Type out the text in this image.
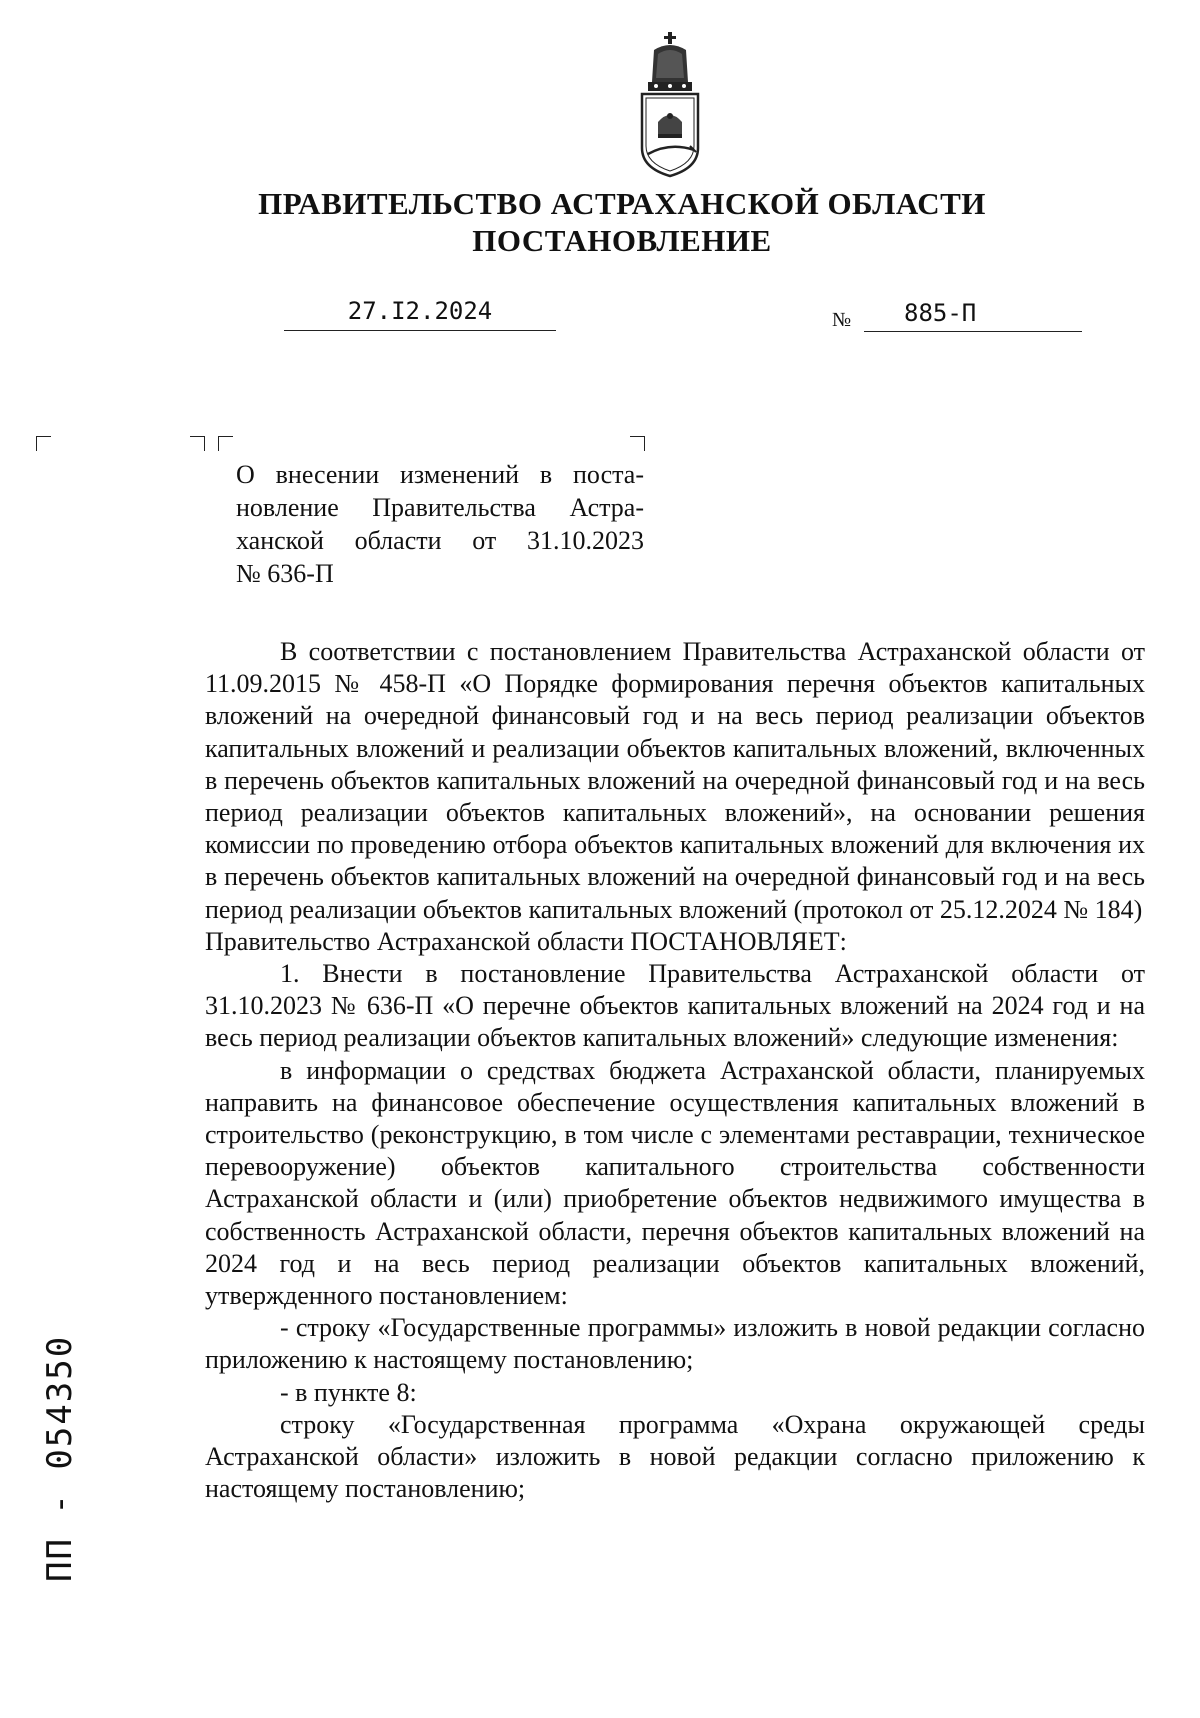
ПРАВИТЕЛЬСТВО АСТРАХАНСКОЙ ОБЛАСТИ
ПОСТАНОВЛЕНИЕ
27.I2.2024	№	885-П
О внесении изменений в поста-
новление Правительства Астра-
ханской области от 31.10.2023
№ 636-П

В соответствии с постановлением Правительства Астраханской области от 11.09.2015 № 458-П «О Порядке формирования перечня объектов капитальных вложений на очередной финансовый год и на весь период реализации объектов капитальных вложений и реализации объектов капитальных вложений, включенных в перечень объектов капитальных вложений на очередной финансовый год и на весь период реализации объектов капитальных вложений», на основании решения комиссии по проведению отбора объектов капитальных вложений для включения их в перечень объектов капитальных вложений на очередной финансовый год и на весь период реализации объектов капитальных вложений (протокол от 25.12.2024 № 184)

Правительство Астраханской области ПОСТАНОВЛЯЕТ:

1. Внести в постановление Правительства Астраханской области от 31.10.2023 № 636-П «О перечне объектов капитальных вложений на 2024 год и на весь период реализации объектов капитальных вложений» следующие изменения:

в информации о средствах бюджета Астраханской области, планируемых направить на финансовое обеспечение осуществления капитальных вложений в строительство (реконструкцию, в том числе с элементами реставрации, техническое перевооружение) объектов капитального строительства собственности Астраханской области и (или) приобретение объектов недвижимого имущества в собственность Астраханской области, перечня объектов капитальных вложений на 2024 год и на весь период реализации объектов капитальных вложений, утвержденного постановлением:

- строку «Государственные программы» изложить в новой редакции согласно приложению к настоящему постановлению;

- в пункте 8:

строку «Государственная программа «Охрана окружающей среды Астраханской области» изложить в новой редакции согласно приложению к настоящему постановлению;

ПП - 054350
